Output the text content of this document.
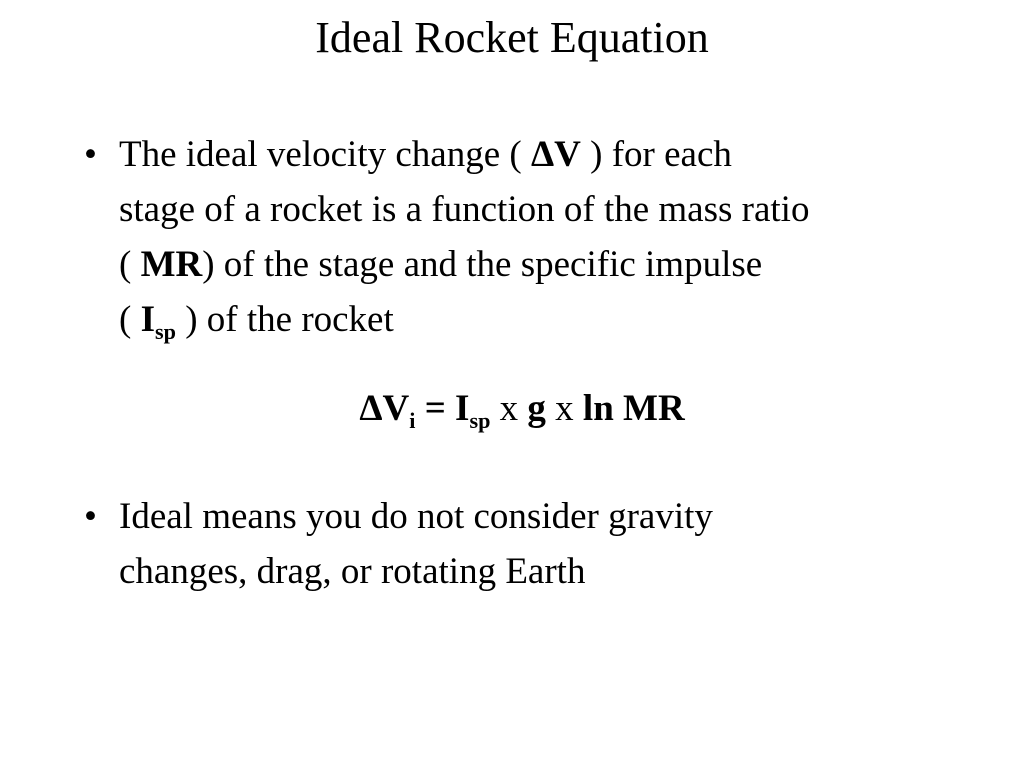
Ideal Rocket Equation
• The ideal velocity change ( ΔV ) for each
stage of a rocket is a function of the mass ratio
( MR) of the stage and the specific impulse
( $I_{sp}$ ) of the rocket
$\Delta V_i = I_{sp}$ x g x ln MR
• Ideal means you do not consider gravity
changes, drag, or rotating Earth
